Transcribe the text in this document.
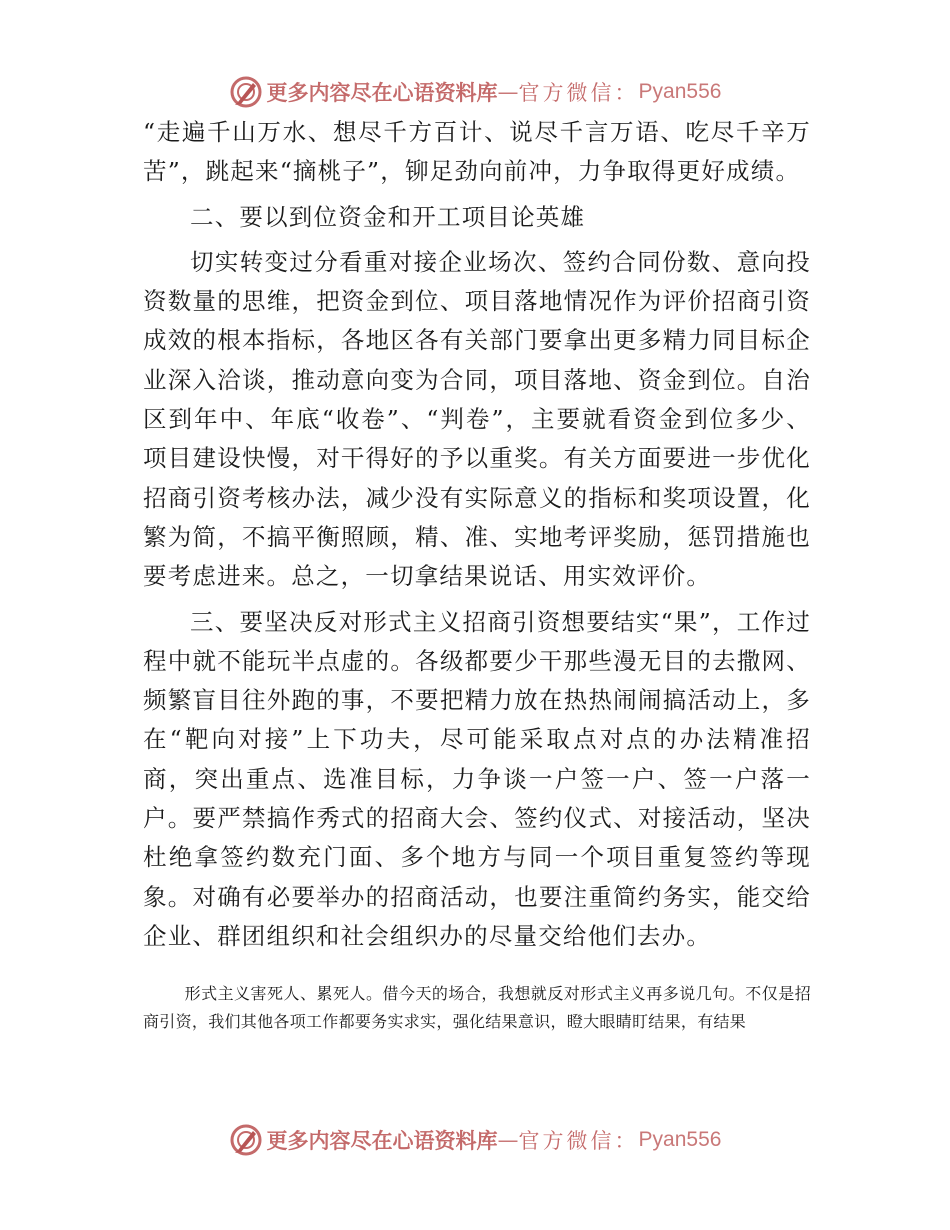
更多内容尽在心语资料库 — 官方微信： Pyan556

“走遍千山万水、想尽千方百计、说尽千言万语、吃尽千辛万苦”，跳起来“摘桃子”，铆足劲向前冲，力争取得更好成绩。

二、要以到位资金和开工项目论英雄

切实转变过分看重对接企业场次、签约合同份数、意向投资数量的思维，把资金到位、项目落地情况作为评价招商引资成效的根本指标，各地区各有关部门要拿出更多精力同目标企业深入洽谈，推动意向变为合同，项目落地、资金到位。自治区到年中、年底“收卷”、“判卷”，主要就看资金到位多少、项目建设快慢，对干得好的予以重奖。有关方面要进一步优化招商引资考核办法，减少没有实际意义的指标和奖项设置，化繁为简，不搞平衡照顾，精、准、实地考评奖励，惩罚措施也要考虑进来。总之，一切拿结果说话、用实效评价。

三、要坚决反对形式主义招商引资想要结实“果”，工作过程中就不能玩半点虚的。各级都要少干那些漫无目的去撒网、频繁盲目往外跑的事，不要把精力放在热热闹闹搞活动上，多在“靶向对接”上下功夫，尽可能采取点对点的办法精准招商，突出重点、选准目标，力争谈一户签一户、签一户落一户。要严禁搞作秀式的招商大会、签约仪式、对接活动，坚决杜绝拿签约数充门面、多个地方与同一个项目重复签约等现象。对确有必要举办的招商活动，也要注重简约务实，能交给企业、群团组织和社会组织办的尽量交给他们去办。

形式主义害死人、累死人。借今天的场合，我想就反对形式主义再多说几句。不仅是招商引资，我们其他各项工作都要务实求实，强化结果意识，瞪大眼睛盯结果，有结果

更多内容尽在心语资料库 — 官方微信： Pyan556
